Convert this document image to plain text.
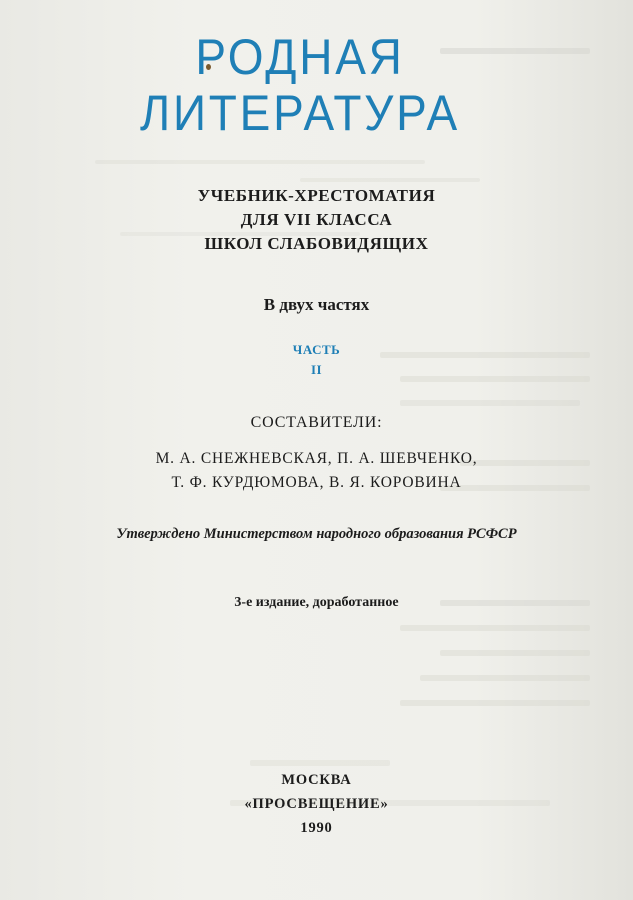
РОДНАЯ
ЛИТЕРАТУРА
УЧЕБНИК-ХРЕСТОМАТИЯ
ДЛЯ VII КЛАССА
ШКОЛ СЛАБОВИДЯЩИХ
В двух частях
ЧАСТЬ
II
СОСТАВИТЕЛИ:
М. А. СНЕЖНЕВСКАЯ, П. А. ШЕВЧЕНКО,
Т. Ф. КУРДЮМОВА, В. Я. КОРОВИНА
Утверждено Министерством народного образования РСФСР
3-е издание, доработанное
МОСКВА
«ПРОСВЕЩЕНИЕ»
1990
